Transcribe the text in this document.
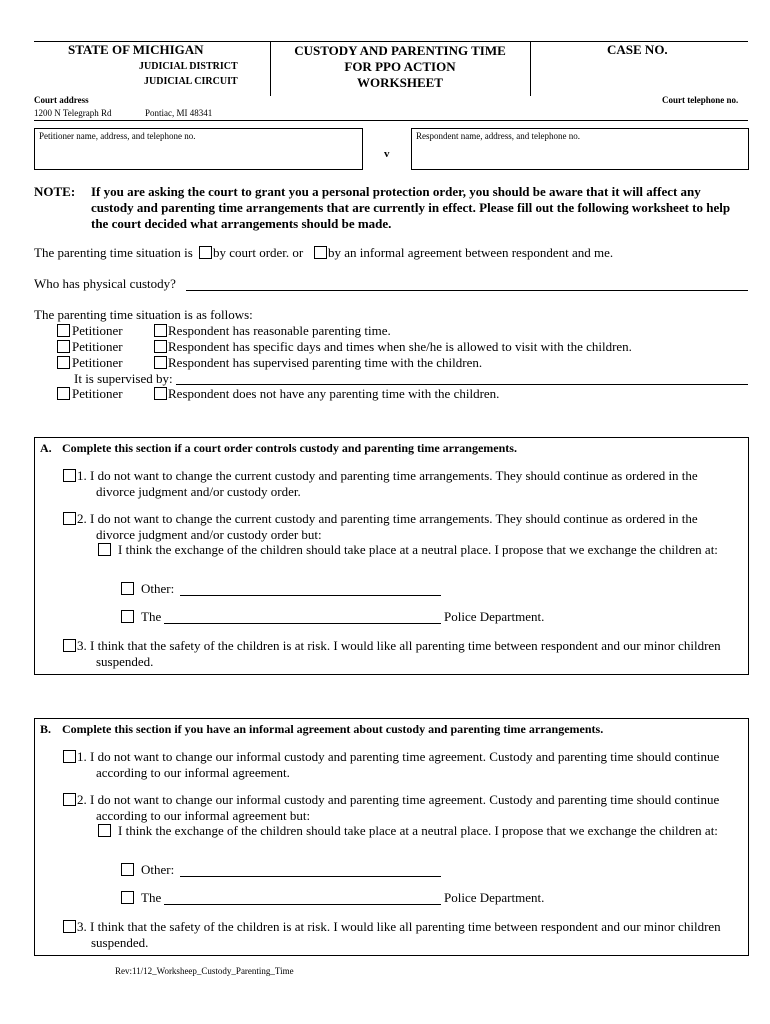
STATE OF MICHIGAN
JUDICIAL DISTRICT
JUDICIAL CIRCUIT
CUSTODY AND PARENTING TIME
FOR PPO ACTION
WORKSHEET
CASE NO.
Court address
1200 N Telegraph Rd	Pontiac, MI 48341
Court telephone no.
Petitioner name, address, and telephone no.
v
Respondent name, address, and telephone no.
NOTE: If you are asking the court to grant you a personal protection order, you should be aware that it will affect any
custody and parenting time arrangements that are currently in effect. Please fill out the following worksheet to help
the court decided what arrangements should be made.
The parenting time situation is by court order. or by an informal agreement between respondent and me.
Who has physical custody?
The parenting time situation is as follows:
Petitioner	Respondent has reasonable parenting time.
Petitioner	Respondent has specific days and times when she/he is allowed to visit with the children.
Petitioner	Respondent has supervised parenting time with the children.
It is supervised by:
Petitioner	Respondent does not have any parenting time with the children.
A. Complete this section if a court order controls custody and parenting time arrangements.
1. I do not want to change the current custody and parenting time arrangements. They should continue as ordered in the
divorce judgment and/or custody order.
2. I do not want to change the current custody and parenting time arrangements. They should continue as ordered in the
divorce judgment and/or custody order but:
I think the exchange of the children should take place at a neutral place. I propose that we exchange the children at:
Other:
The	Police Department.
3. I think that the safety of the children is at risk. I would like all parenting time between respondent and our minor children
suspended.
B. Complete this section if you have an informal agreement about custody and parenting time arrangements.
1. I do not want to change our informal custody and parenting time agreement. Custody and parenting time should continue
according to our informal agreement.
2. I do not want to change our informal custody and parenting time agreement. Custody and parenting time should continue
according to our informal agreement but:
I think the exchange of the children should take place at a neutral place. I propose that we exchange the children at:
Other:
The	Police Department.
3. I think that the safety of the children is at risk. I would like all parenting time between respondent and our minor children
suspended.
Rev:11/12_Worksheep_Custody_Parenting_Time
